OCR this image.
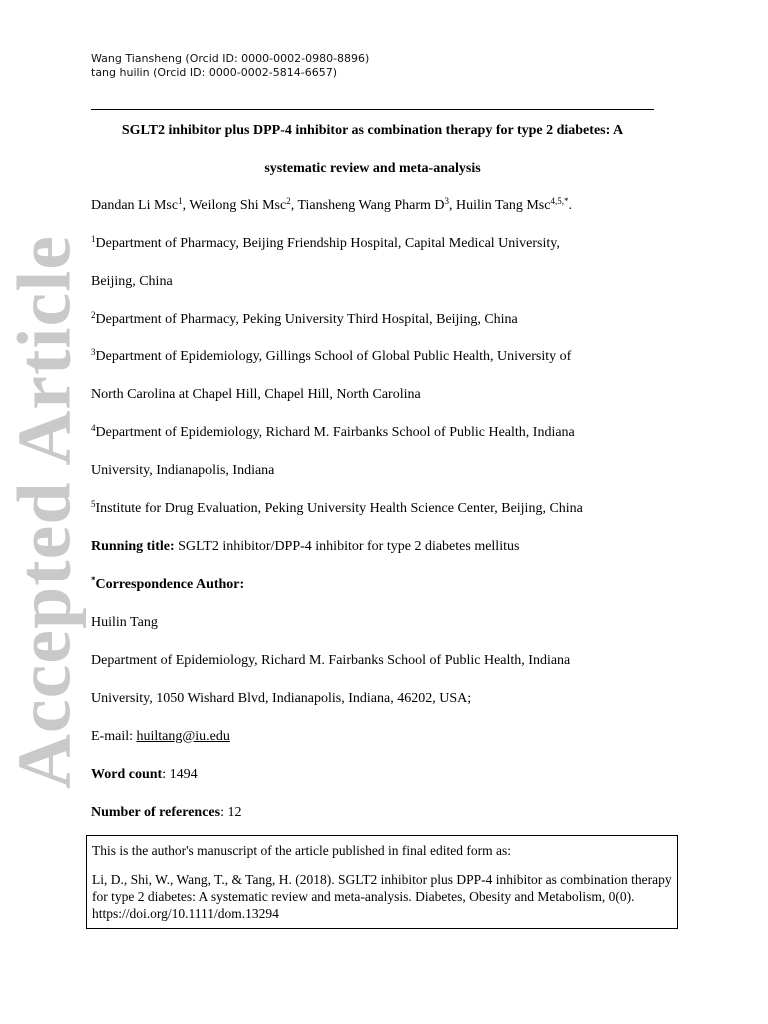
Accepted Article
Wang Tiansheng (Orcid ID: 0000-0002-0980-8896)
tang huilin (Orcid ID: 0000-0002-5814-6657)
SGLT2 inhibitor plus DPP-4 inhibitor as combination therapy for type 2 diabetes: A
systematic review and meta-analysis
Dandan Li Msc$^1$, Weilong Shi Msc$^2$, Tiansheng Wang Pharm $D^3$, Huilin Tang Msc$^{4,5,*}$.
$^1$Department of Pharmacy, Beijing Friendship Hospital, Capital Medical University,
Beijing, China
$^2$Department of Pharmacy, Peking University Third Hospital, Beijing, China
$^3$Department of Epidemiology, Gillings School of Global Public Health, University of
North Carolina at Chapel Hill, Chapel Hill, North Carolina
$^4$Department of Epidemiology, Richard M. Fairbanks School of Public Health, Indiana
University, Indianapolis, Indiana
$^5$Institute for Drug Evaluation, Peking University Health Science Center, Beijing, China
Running title: SGLT2 inhibitor/DPP-4 inhibitor for type 2 diabetes mellitus
*Correspondence Author:
Huilin Tang
Department of Epidemiology, Richard M. Fairbanks School of Public Health, Indiana
University, 1050 Wishard Blvd, Indianapolis, Indiana, 46202, USA;
E-mail: huiltang@iu.edu
Word count: 1494
Number of references: 12

This is the author's manuscript of the article published in final edited form as:

Li, D., Shi, W., Wang, T., & Tang, H. (2018). SGLT2 inhibitor plus DPP-4 inhibitor as combination therapy for type 2 diabetes: A systematic review and meta-analysis. Diabetes, Obesity and Metabolism, 0(0). https://doi.org/10.1111/dom.13294
